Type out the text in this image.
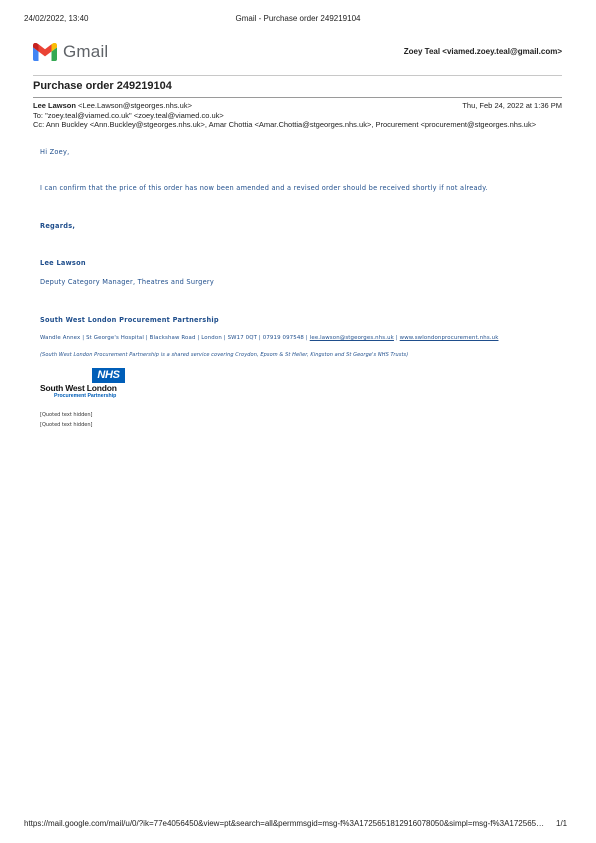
24/02/2022, 13:40	Gmail - Purchase order 249219104
Gmail	Zoey Teal <viamed.zoey.teal@gmail.com>
Purchase order 249219104
Lee Lawson <Lee.Lawson@stgeorges.nhs.uk>	Thu, Feb 24, 2022 at 1:36 PM
To: "zoey.teal@viamed.co.uk" <zoey.teal@viamed.co.uk>
Cc: Ann Buckley <Ann.Buckley@stgeorges.nhs.uk>, Amar Chottia <Amar.Chottia@stgeorges.nhs.uk>, Procurement <procurement@stgeorges.nhs.uk>
Hi Zoey,
I can confirm that the price of this order has now been amended and a revised order should be received shortly if not already.
Regards,
Lee Lawson
Deputy Category Manager, Theatres and Surgery
South West London Procurement Partnership
Wandle Annex | St George's Hospital | Blackshaw Road | London | SW17 0QT | 07919 097548 | lee.lawson@stgeorges.nhs.uk | www.swlondonprocurement.nhs.uk
(South West London Procurement Partnership is a shared service covering Croydon, Epsom & St Helier, Kingston and St George's NHS Trusts)
NHS
South West London
Procurement Partnership
[Quoted text hidden]
[Quoted text hidden]
https://mail.google.com/mail/u/0/?ik=77e4056450&view=pt&search=all&permmsgid=msg-f%3A1725651812916078050&simpl=msg-f%3A172565…	1/1
